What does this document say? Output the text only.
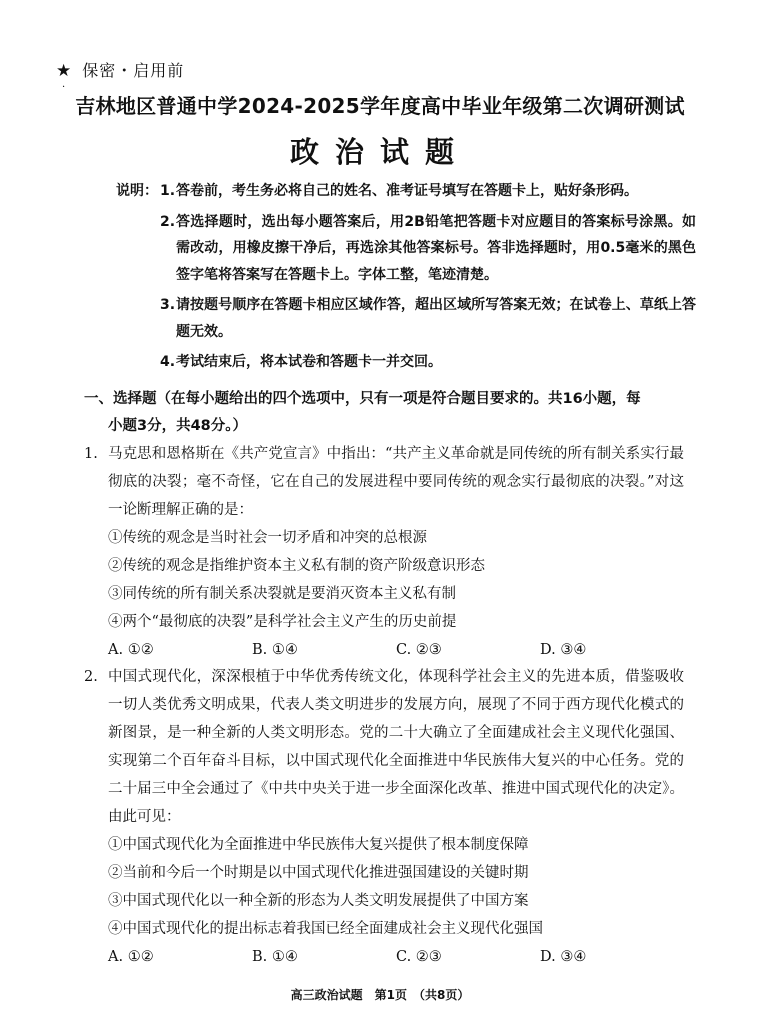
★ 保密・启用前
·
吉林地区普通中学2024-2025学年度高中毕业年级第二次调研测试
政治试题
说明： 1. 答卷前，考生务必将自己的姓名、准考证号填写在答题卡上，贴好条形码。
2. 答选择题时，选出每小题答案后，用2B铅笔把答题卡对应题目的答案标号涂黑。如需改动，用橡皮擦干净后，再选涂其他答案标号。答非选择题时，用0.5毫米的黑色签字笔将答案写在答题卡上。字体工整，笔迹清楚。
3. 请按题号顺序在答题卡相应区域作答，超出区域所写答案无效；在试卷上、草纸上答题无效。
4. 考试结束后，将本试卷和答题卡一并交回。
一、选择题（在每小题给出的四个选项中，只有一项是符合题目要求的。共16小题，每
小题3分，共48分。）
1. 马克思和恩格斯在《共产党宣言》中指出：“共产主义革命就是同传统的所有制关系实行最彻底的决裂；毫不奇怪，它在自己的发展进程中要同传统的观念实行最彻底的决裂。”对这一论断理解正确的是：
①传统的观念是当时社会一切矛盾和冲突的总根源
②传统的观念是指维护资本主义私有制的资产阶级意识形态
③同传统的所有制关系决裂就是要消灭资本主义私有制
④两个“最彻底的决裂”是科学社会主义产生的历史前提
A. ①②	B. ①④	C. ②③	D. ③④
2. 中国式现代化，深深根植于中华优秀传统文化，体现科学社会主义的先进本质，借鉴吸收一切人类优秀文明成果，代表人类文明进步的发展方向，展现了不同于西方现代化模式的新图景，是一种全新的人类文明形态。党的二十大确立了全面建成社会主义现代化强国、实现第二个百年奋斗目标，以中国式现代化全面推进中华民族伟大复兴的中心任务。党的二十届三中全会通过了《中共中央关于进一步全面深化改革、推进中国式现代化的决定》。由此可见：
①中国式现代化为全面推进中华民族伟大复兴提供了根本制度保障
②当前和今后一个时期是以中国式现代化推进强国建设的关键时期
③中国式现代化以一种全新的形态为人类文明发展提供了中国方案
④中国式现代化的提出标志着我国已经全面建成社会主义现代化强国
A. ①②	B. ①④	C. ②③	D. ③④
高三政治试题　第1页　（共8页）
